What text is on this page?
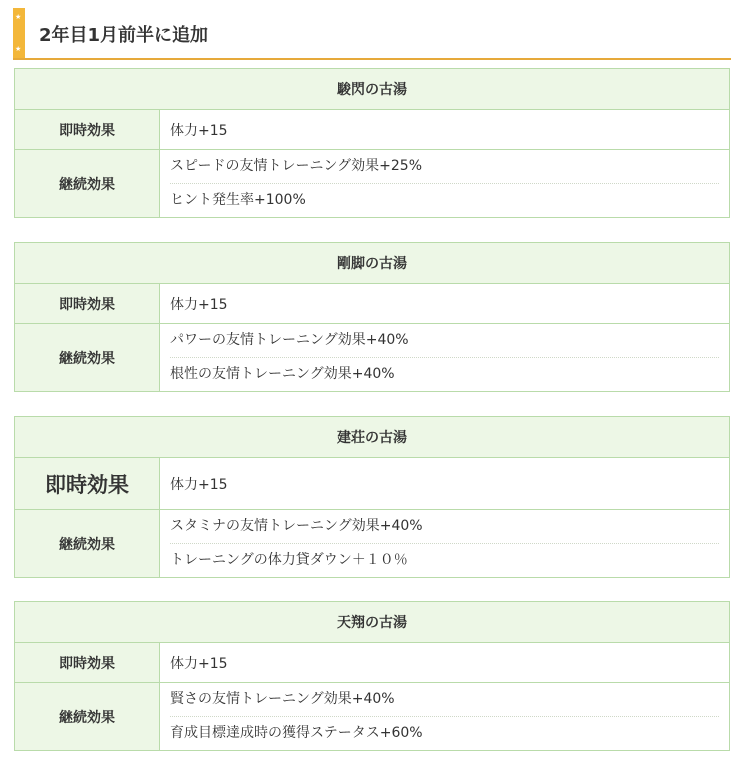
★
★
2年目1月前半に追加
駿閃の古湯	
即時効果	体力+15
継続効果	スピードの友情トレーニング効果+25%
ヒント発生率+100%
剛脚の古湯	
即時効果	体力+15
継続効果	パワーの友情トレーニング効果+40%
根性の友情トレーニング効果+40%
建荘の古湯	
即時効果	体力+15
継続効果	スタミナの友情トレーニング効果+40%
トレーニングの体力貸ダウン＋１０％
天翔の古湯	
即時効果	体力+15
継続効果	賢さの友情トレーニング効果+40%
育成目標達成時の獲得ステータス+60%
